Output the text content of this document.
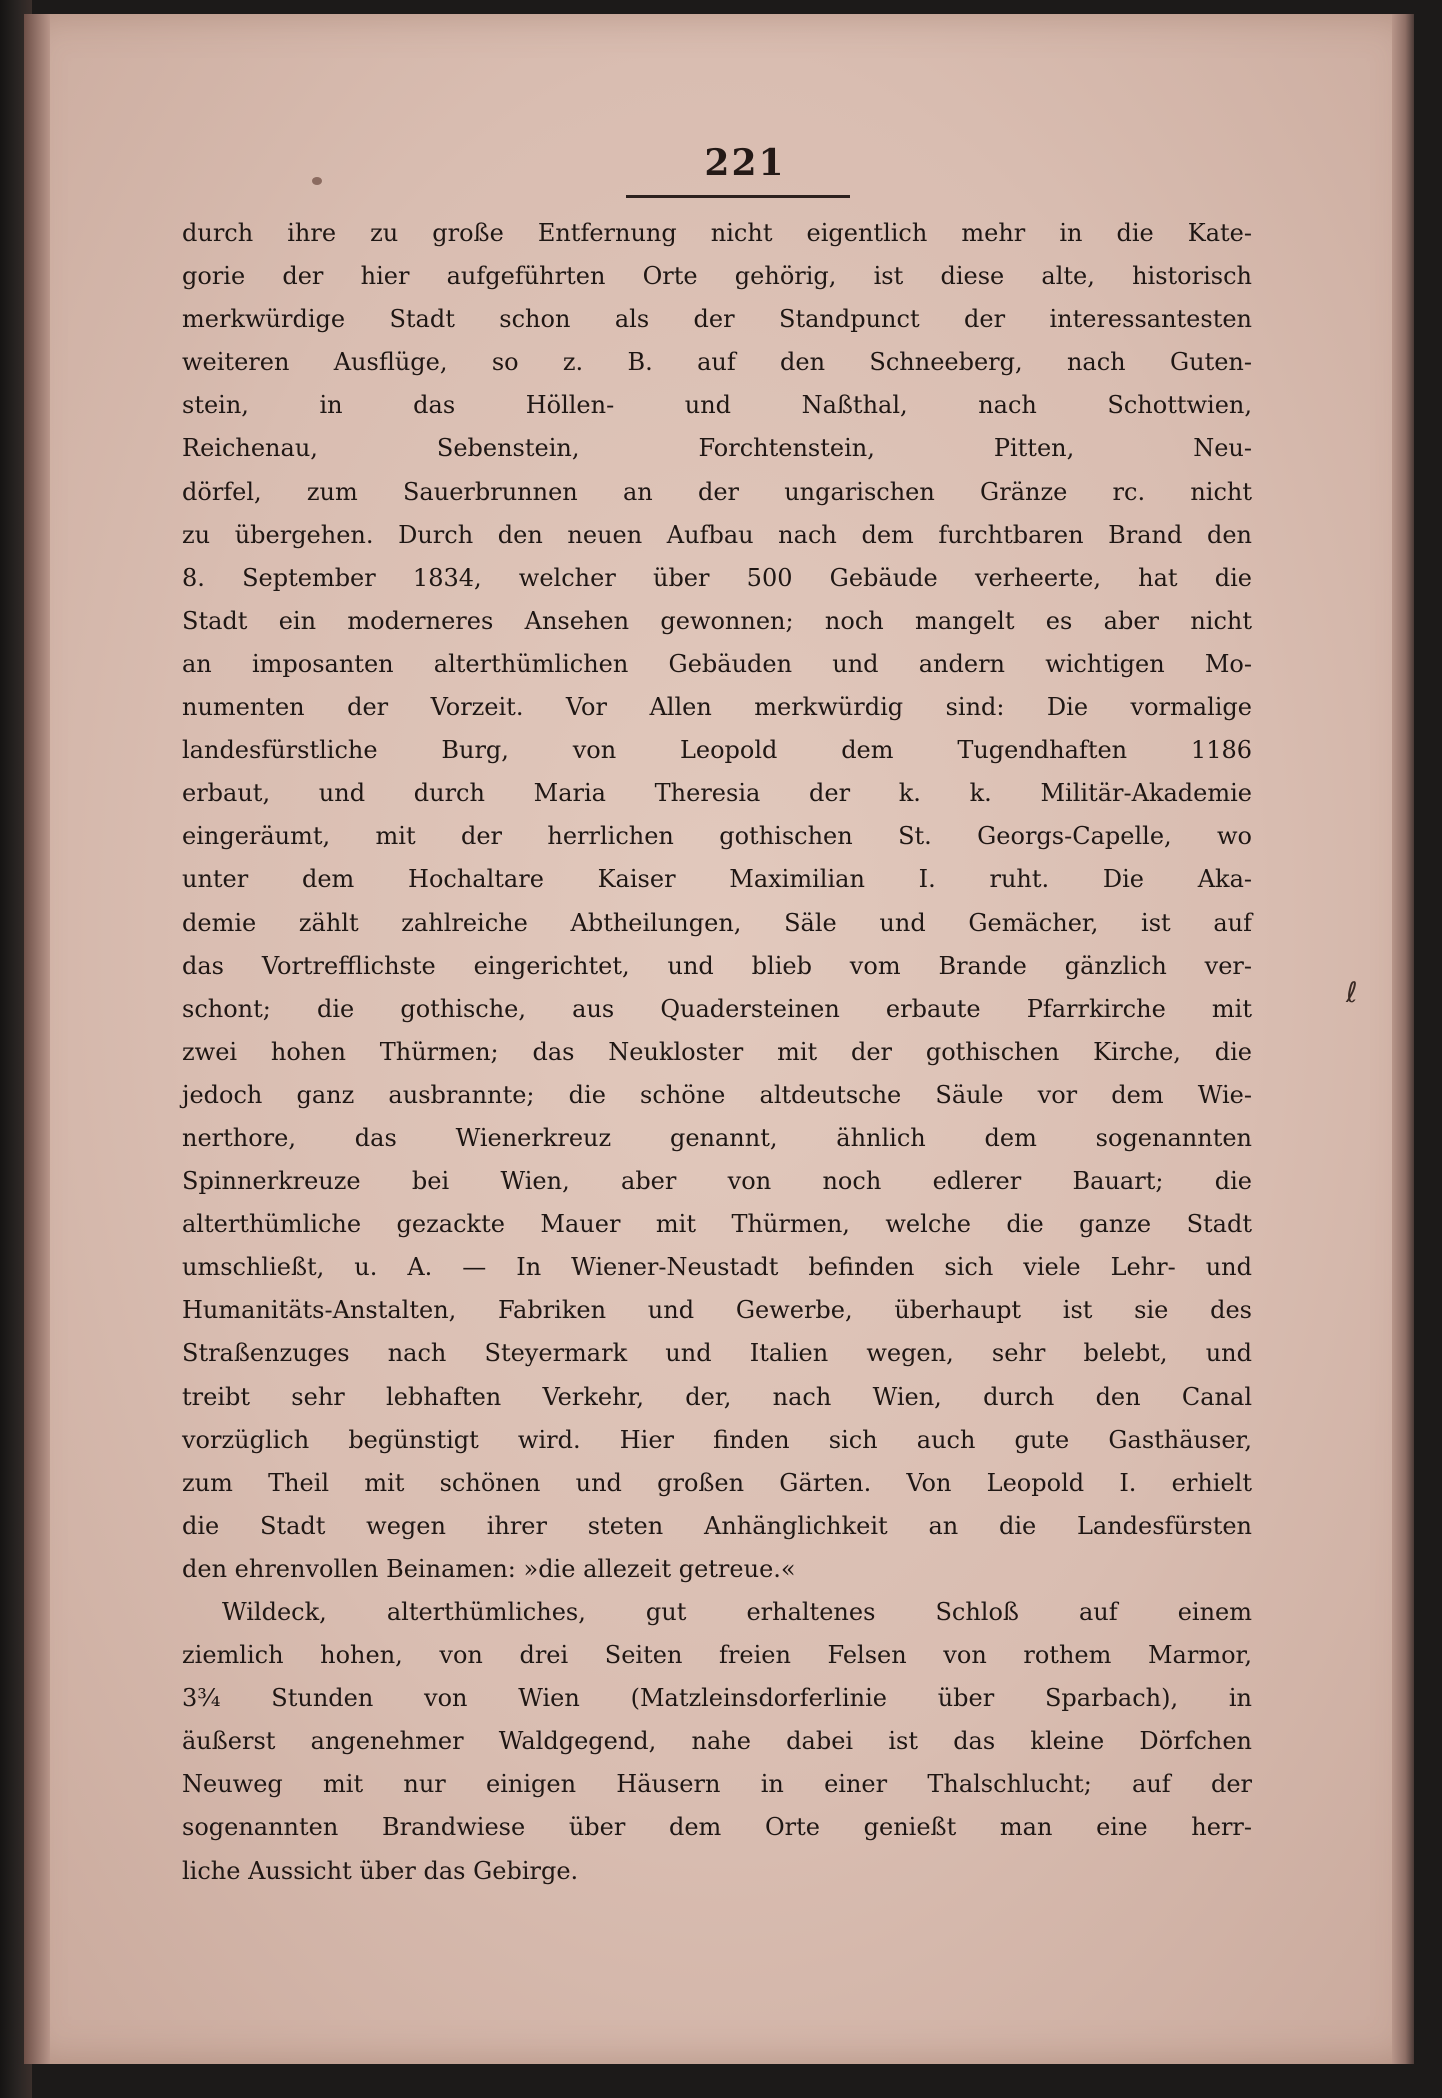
221
durch ihre zu große Entfernung nicht eigentlich mehr in die Kate-
gorie der hier aufgeführten Orte gehörig, ist diese alte, historisch
merkwürdige Stadt schon als der Standpunct der interessantesten
weiteren Ausflüge, so z. B. auf den Schneeberg, nach Guten-
stein, in das Höllen- und Naßthal, nach Schottwien,
Reichenau, Sebenstein, Forchtenstein, Pitten, Neu-
dörfel, zum Sauerbrunnen an der ungarischen Gränze rc. nicht
zu übergehen. Durch den neuen Aufbau nach dem furchtbaren Brand den
8. September 1834, welcher über 500 Gebäude verheerte, hat die
Stadt ein moderneres Ansehen gewonnen; noch mangelt es aber nicht
an imposanten alterthümlichen Gebäuden und andern wichtigen Mo-
numenten der Vorzeit. Vor Allen merkwürdig sind: Die vormalige
landesfürstliche Burg, von Leopold dem Tugendhaften 1186
erbaut, und durch Maria Theresia der k. k. Militär-Akademie
eingeräumt, mit der herrlichen gothischen St. Georgs-Capelle, wo
unter dem Hochaltare Kaiser Maximilian I. ruht. Die Aka-
demie zählt zahlreiche Abtheilungen, Säle und Gemächer, ist auf
das Vortrefflichste eingerichtet, und blieb vom Brande gänzlich ver-
schont; die gothische, aus Quadersteinen erbaute Pfarrkirche mit
zwei hohen Thürmen; das Neukloster mit der gothischen Kirche, die
jedoch ganz ausbrannte; die schöne altdeutsche Säule vor dem Wie-
nerthore, das Wienerkreuz genannt, ähnlich dem sogenannten
Spinnerkreuze bei Wien, aber von noch edlerer Bauart; die
alterthümliche gezackte Mauer mit Thürmen, welche die ganze Stadt
umschließt, u. A. — In Wiener-Neustadt befinden sich viele Lehr- und
Humanitäts-Anstalten, Fabriken und Gewerbe, überhaupt ist sie des
Straßenzuges nach Steyermark und Italien wegen, sehr belebt, und
treibt sehr lebhaften Verkehr, der, nach Wien, durch den Canal
vorzüglich begünstigt wird. Hier finden sich auch gute Gasthäuser,
zum Theil mit schönen und großen Gärten. Von Leopold I. erhielt
die Stadt wegen ihrer steten Anhänglichkeit an die Landesfürsten
den ehrenvollen Beinamen: »die allezeit getreue.«
Wildeck, alterthümliches, gut erhaltenes Schloß auf einem
ziemlich hohen, von drei Seiten freien Felsen von rothem Marmor,
3¾ Stunden von Wien (Matzleinsdorferlinie über Sparbach), in
äußerst angenehmer Waldgegend, nahe dabei ist das kleine Dörfchen
Neuweg mit nur einigen Häusern in einer Thalschlucht; auf der
sogenannten Brandwiese über dem Orte genießt man eine herr-
liche Aussicht über das Gebirge.
ℓ
